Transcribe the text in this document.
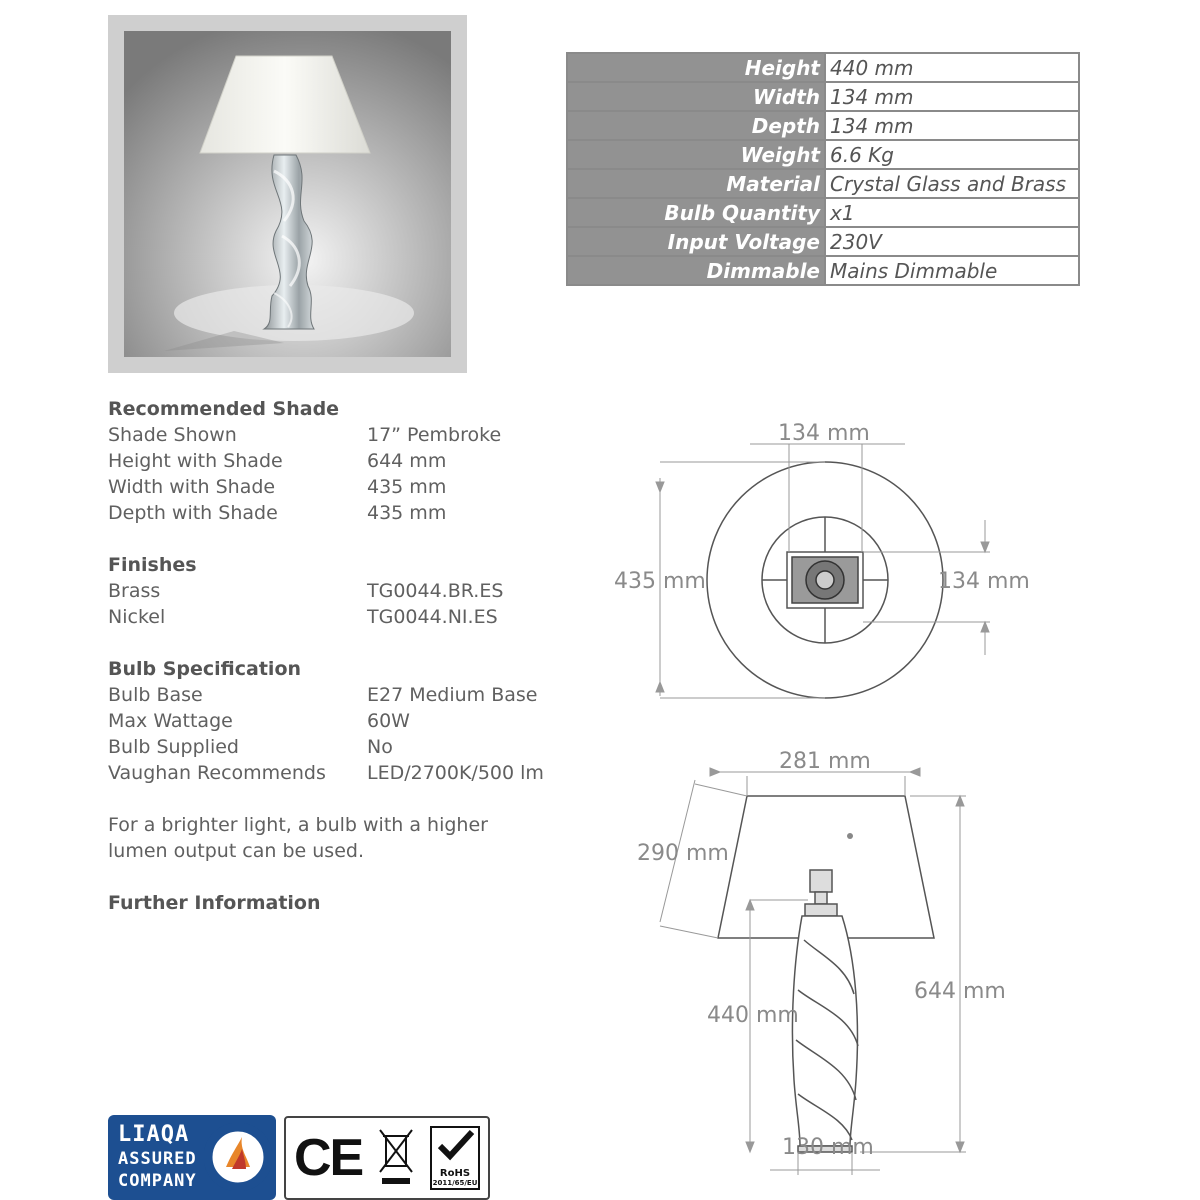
Height	440 mm
Width	134 mm
Depth	134 mm
Weight	6.6 Kg
Material	Crystal Glass and Brass
Bulb Quantity	x1
Input Voltage	230V
Dimmable	Mains Dimmable
Recommended Shade
Shade Shown	17” Pembroke
Height with Shade	644 mm
Width with Shade	435 mm
Depth with Shade	435 mm
Finishes
Brass	TG0044.BR.ES
Nickel	TG0044.NI.ES
Bulb Specification
Bulb Base	E27 Medium Base
Max Wattage	60W
Bulb Supplied	No
Vaughan Recommends	LED/2700K/500 lm

For a brighter light, a bulb with a higher lumen output can be used.

Further Information
134 mm
435 mm	134 mm
281 mm
290 mm
644 mm
440 mm
130 mm
LIAQA
ASSURED
COMPANY CE	RoHS
2011/65/EU
